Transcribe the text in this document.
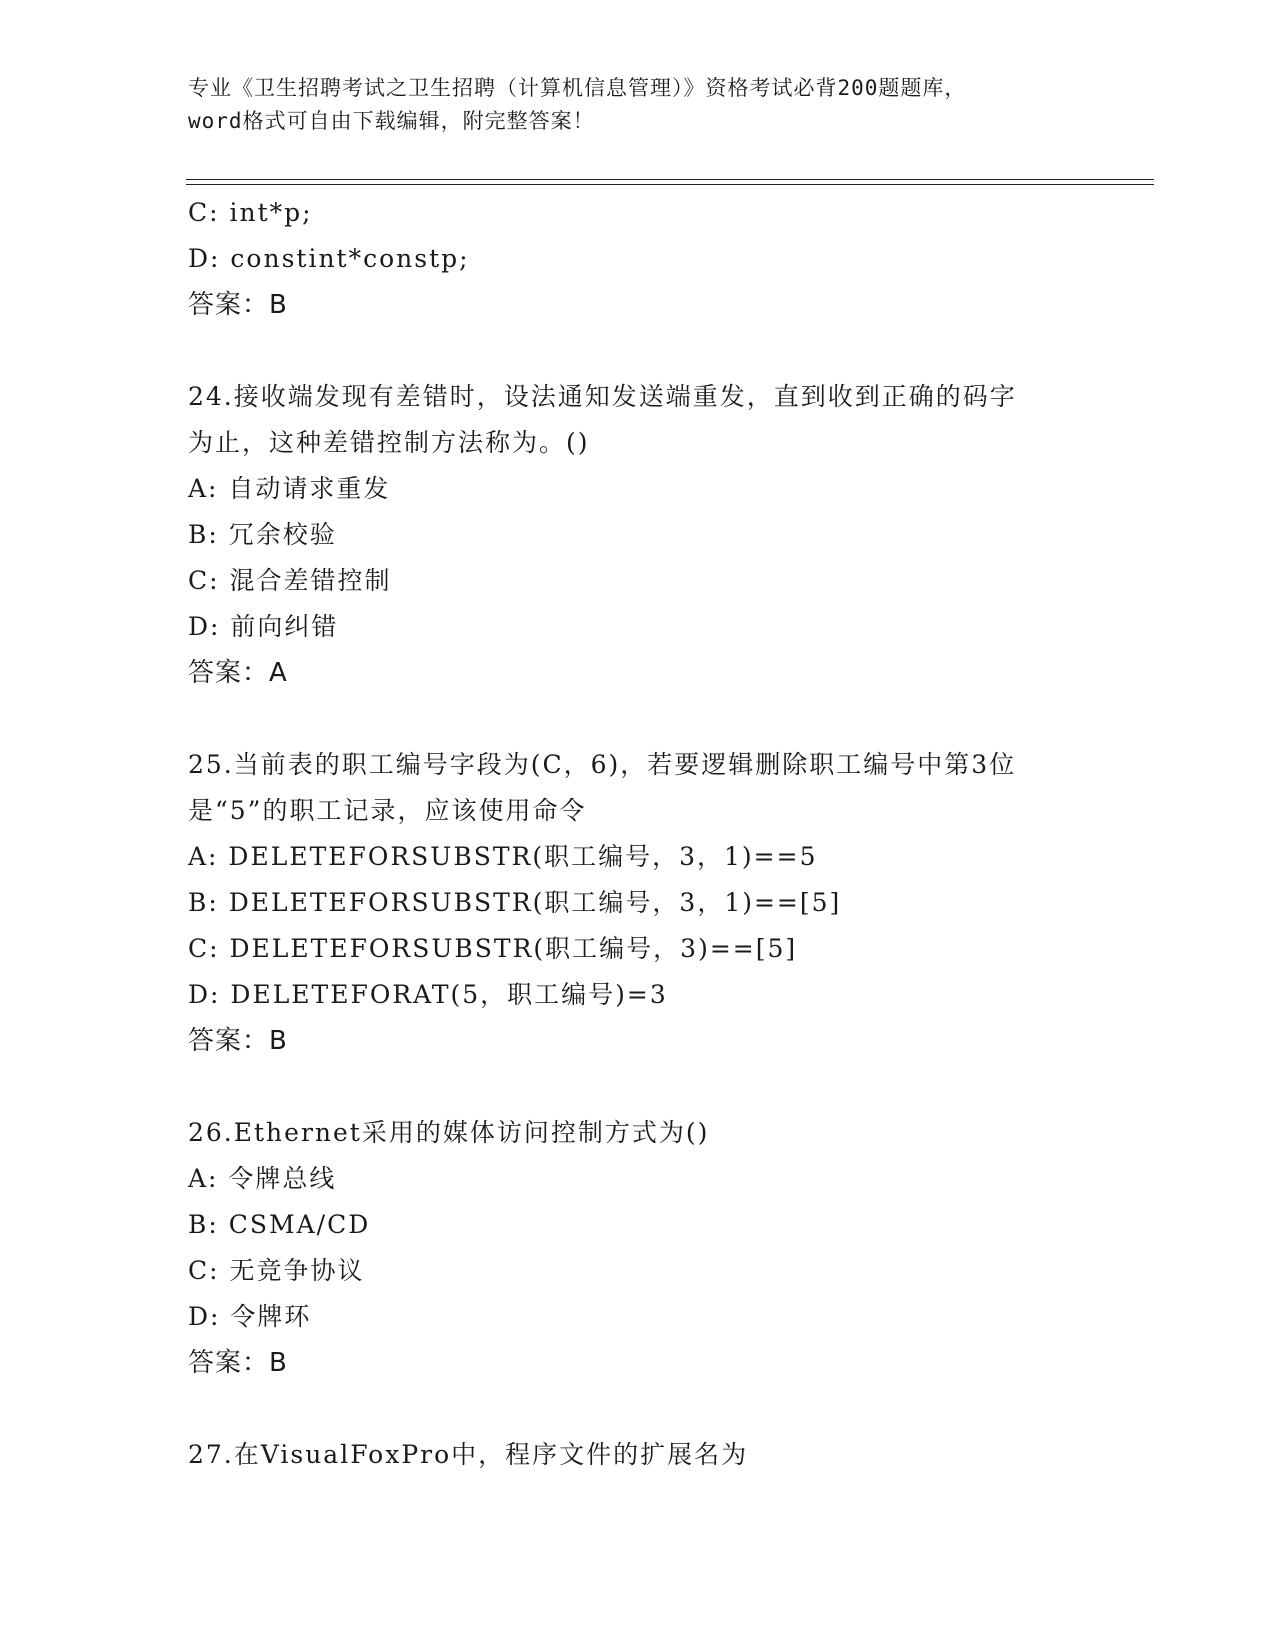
专业《卫生招聘考试之卫生招聘（计算机信息管理）》资格考试必背200题题库，
word格式可自由下载编辑，附完整答案！
C: int*p;
D: constint*constp;
答案：B
24.接收端发现有差错时，设法通知发送端重发，直到收到正确的码字
为止，这种差错控制方法称为。()
A: 自动请求重发
B: 冗余校验
C: 混合差错控制
D: 前向纠错
答案：A
25.当前表的职工编号字段为(C，6)，若要逻辑删除职工编号中第3位
是“5”的职工记录，应该使用命令
A: DELETEFORSUBSTR(职工编号，3，1)==5
B: DELETEFORSUBSTR(职工编号，3，1)==[5]
C: DELETEFORSUBSTR(职工编号，3)==[5]
D: DELETEFORAT(5，职工编号)=3
答案：B
26.Ethernet采用的媒体访问控制方式为()
A: 令牌总线
B: CSMA/CD
C: 无竞争协议
D: 令牌环
答案：B
27.在VisualFoxPro中，程序文件的扩展名为
